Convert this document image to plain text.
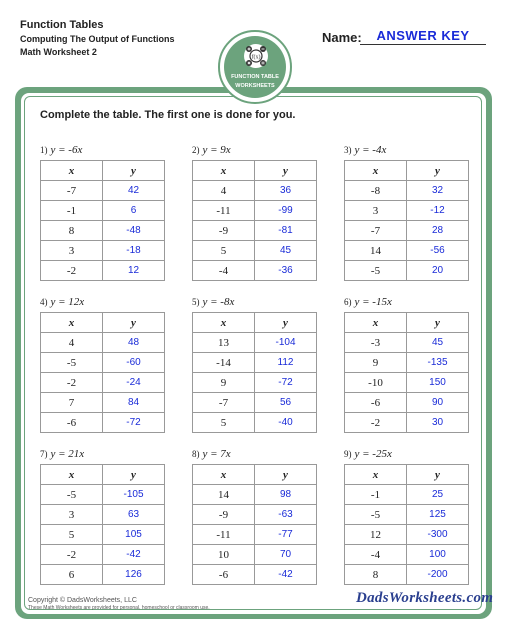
Function Tables
Computing The Output of Functions
Math Worksheet 2
Name:	ANSWER KEY
f(x)
FUNCTION TABLE
WORKSHEETS
Complete the table. The first one is done for you.
1) y = -6x
x	y
-7	42
-1	6
8	-48
3	-18
-2	12
2) y = 9x
x	y
4	36
-11	-99
-9	-81
5	45
-4	-36
3) y = -4x
x	y
-8	32
3	-12
-7	28
14	-56
-5	20
4) y = 12x
x	y
4	48
-5	-60
-2	-24
7	84
-6	-72
5) y = -8x
x	y
13	-104
-14	112
9	-72
-7	56
5	-40
6) y = -15x
x	y
-3	45
9	-135
-10	150
-6	90
-2	30
7) y = 21x
x	y
-5	-105
3	63
5	105
-2	-42
6	126
8) y = 7x
x	y
14	98
-9	-63
-11	-77
10	70
-6	-42
9) y = -25x
x	y
-1	25
-5	125
12	-300
-4	100
8	-200
Copyright © DadsWorksheets, LLC
These Math Worksheets are provided for personal, homeschool or classroom use.
DadsWorksheets.com
